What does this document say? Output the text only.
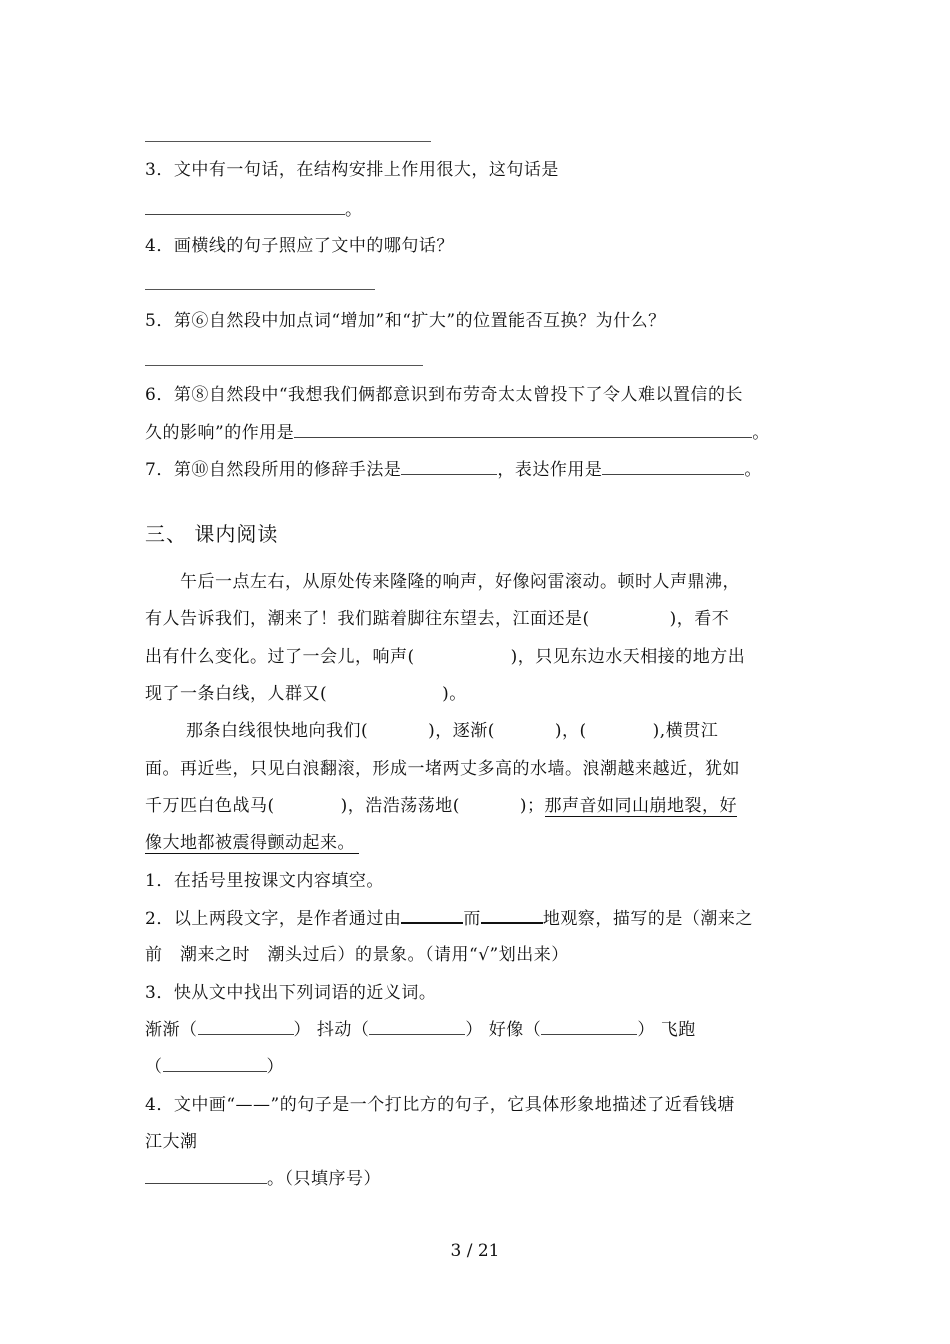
3．文中有一句话，在结构安排上作用很大，这句话是
。
4．画横线的句子照应了文中的哪句话？
5．第⑥自然段中加点词“增加”和“扩大”的位置能否互换？为什么？
6．第⑧自然段中“我想我们俩都意识到布劳奇太太曾投下了令人难以置信的长
久的影响”的作用是	。
7．第⑩自然段所用的修辞手法是	，表达作用是	。
三、 课内阅读
午后一点左右，从原处传来隆隆的响声，好像闷雷滚动。顿时人声鼎沸，
有人告诉我们，潮来了！我们踮着脚往东望去，江面还是(	)，看不
出有什么变化。过了一会儿，响声(	)，只见东边水天相接的地方出
现了一条白线，人群又(	)。
那条白线很快地向我们(	)，逐渐(	)，(	),横贯江
面。再近些，只见白浪翻滚，形成一堵两丈多高的水墙。浪潮越来越近，犹如
千万匹白色战马(	)，浩浩荡荡地(	)；那声音如同山崩地裂，好
像大地都被震得颤动起来。
1．在括号里按课文内容填空。
2．以上两段文字，是作者通过由	而	地观察，描写的是（潮来之
前　潮来之时　潮头过后）的景象。（请用“√”划出来）
3．快从文中找出下列词语的近义词。
渐渐（	） 抖动（	） 好像（	） 飞跑
（	）
4．文中画“——”的句子是一个打比方的句子，它具体形象地描述了近看钱塘
江大潮
。（只填序号）
3 / 21
